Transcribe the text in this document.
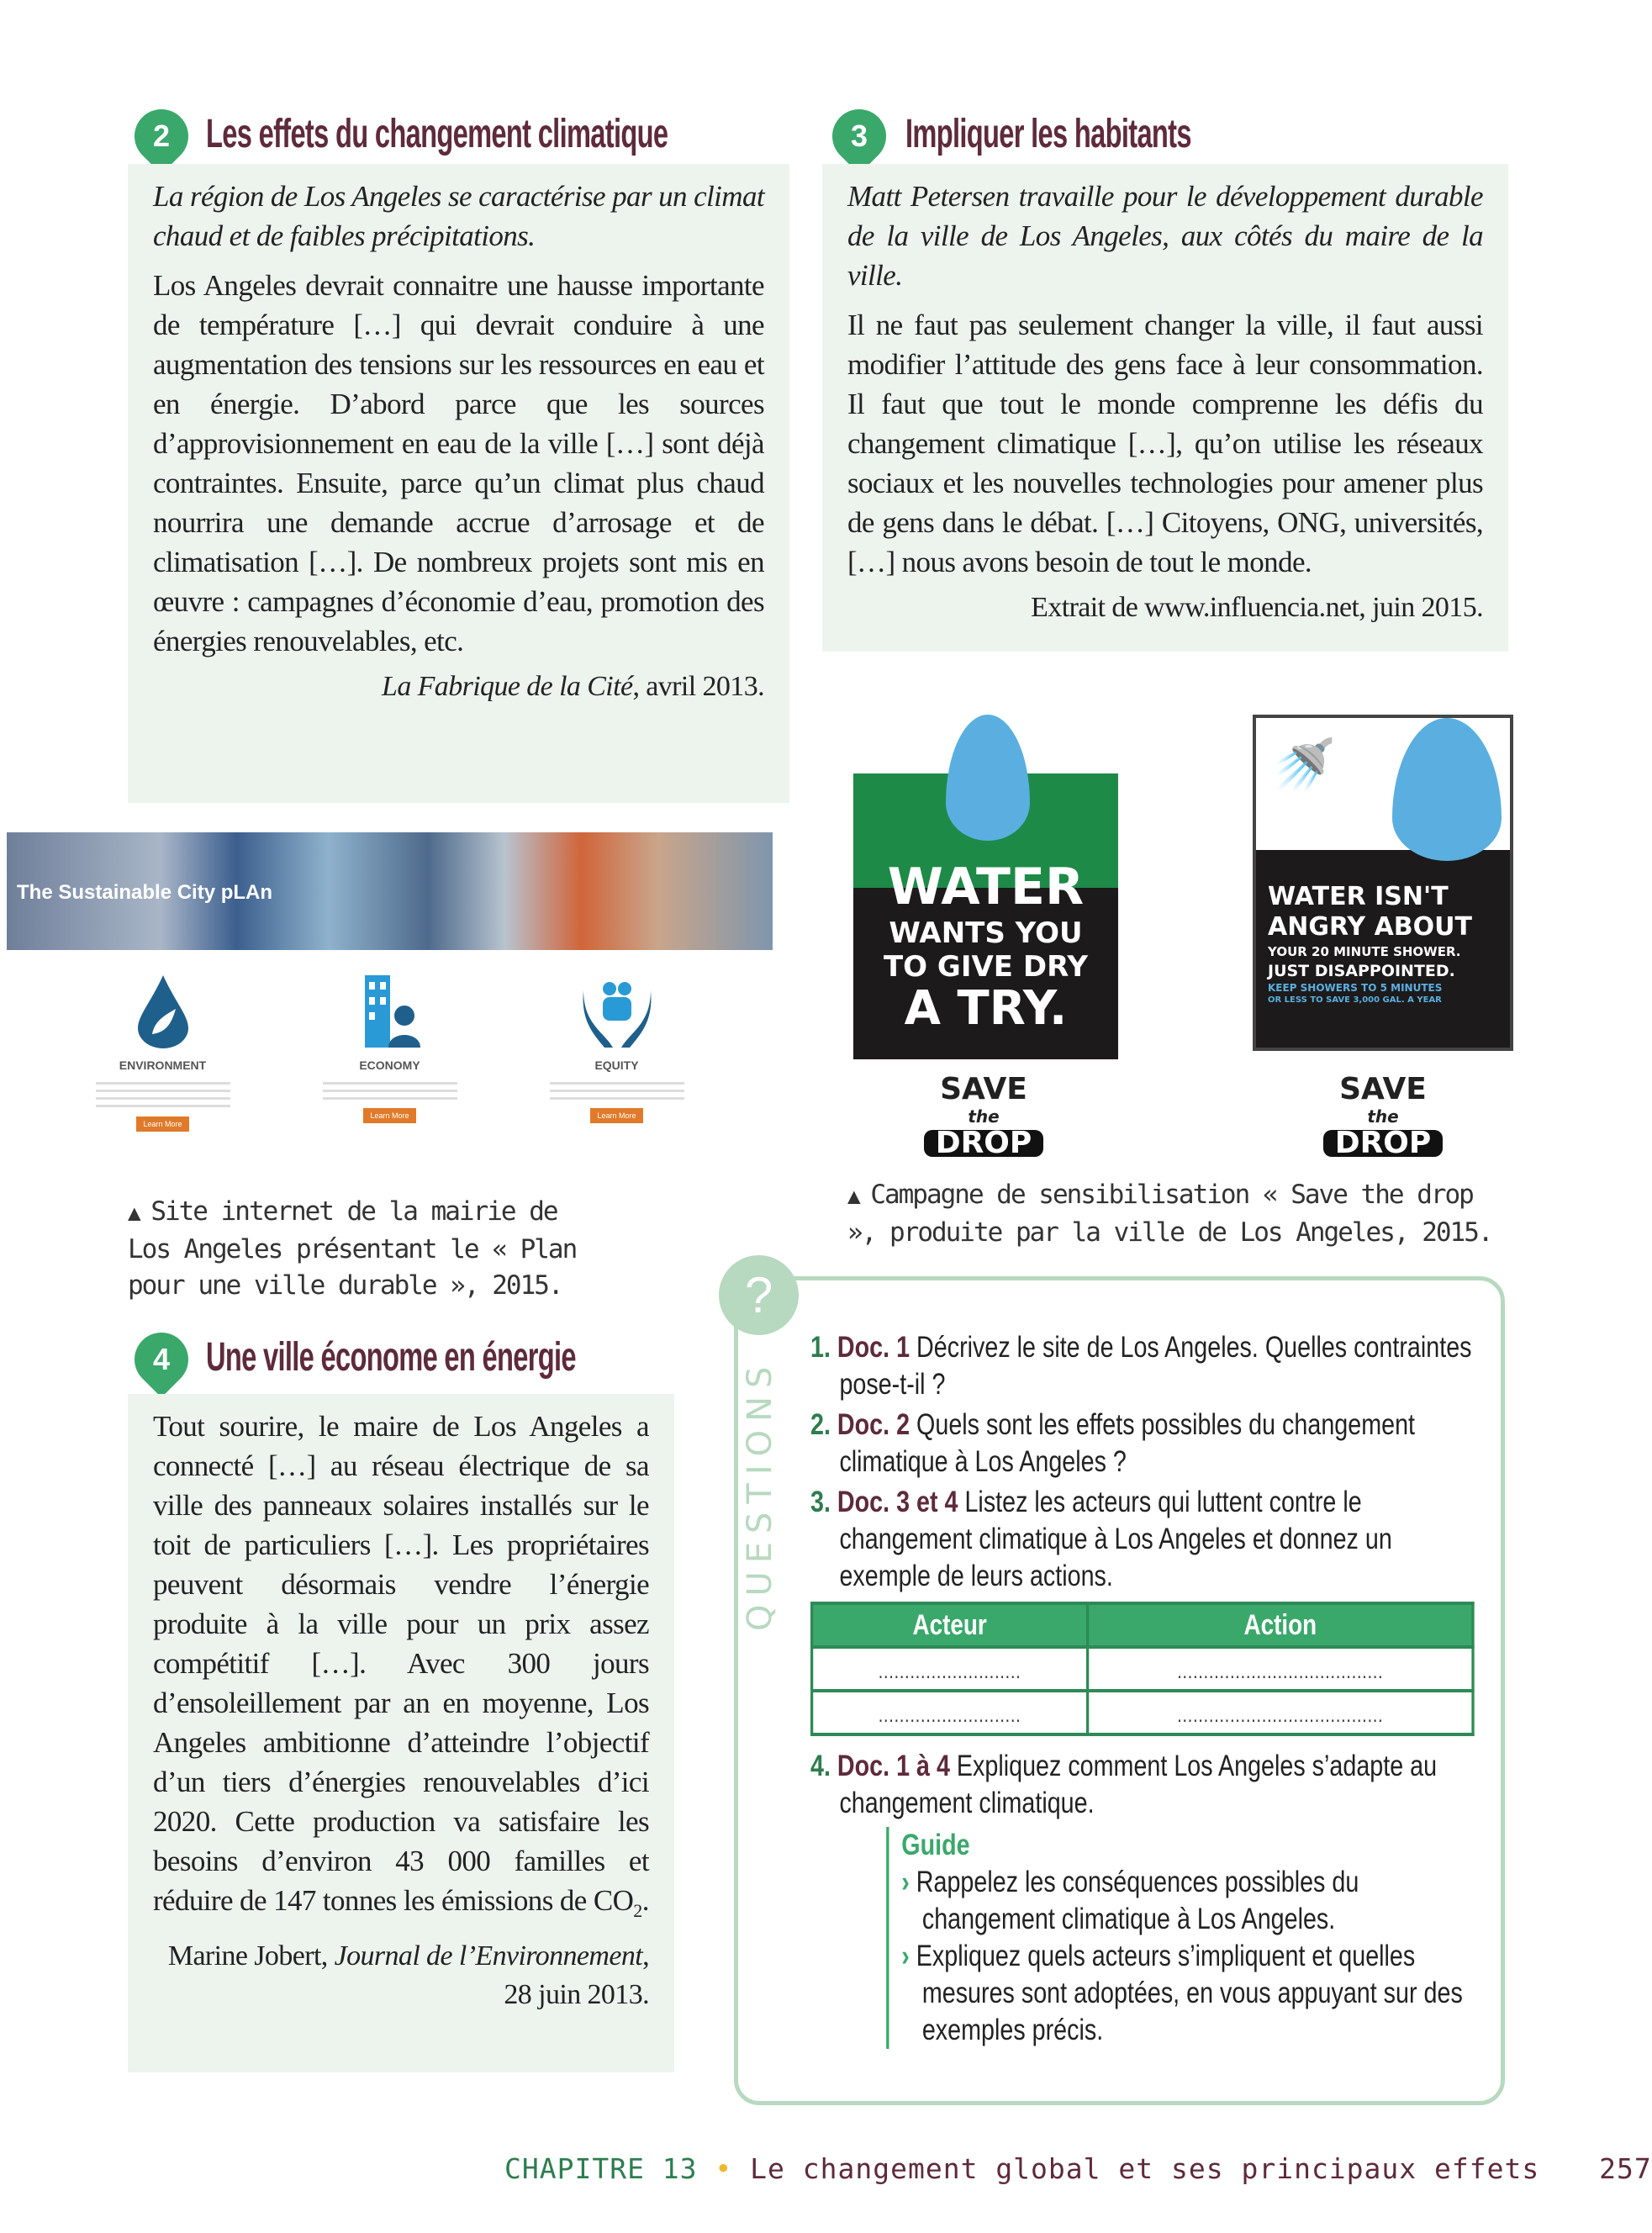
2 Les effets du changement climatique

La région de Los Angeles se caractérise par un climat chaud et de faibles précipitations.

Los Angeles devrait connaitre une hausse importante de température […] qui devrait conduire à une augmentation des tensions sur les ressources en eau et en énergie. D’abord parce que les sources d’approvisionnement en eau de la ville […] sont déjà contraintes. Ensuite, parce qu’un climat plus chaud nourrira une demande accrue d’arrosage et de climatisation […]. De nombreux projets sont mis en œuvre : campagnes d’économie d’eau, promotion des énergies renouvelables, etc.

La Fabrique de la Cité, avril 2013.

The Sustainable City pLAn
ENVIRONMENT
Learn More
ECONOMY
Learn More
EQUITY
Learn More
▲ Site internet de la mairie de Los Angeles présentant le « Plan pour une ville durable », 2015.
3 Impliquer les habitants

Matt Petersen travaille pour le développement durable de la ville de Los Angeles, aux côtés du maire de la ville.

Il ne faut pas seulement changer la ville, il faut aussi modifier l’attitude des gens face à leur consommation. Il faut que tout le monde comprenne les défis du changement climatique […], qu’on utilise les réseaux sociaux et les nouvelles technologies pour amener plus de gens dans le débat. […] Citoyens, ONG, universités, […] nous avons besoin de tout le monde.

Extrait de www.influencia.net, juin 2015.

WATER
WANTS YOU
TO GIVE DRY
A TRY.
SAVE
the
DROP
🚿
WATER ISN'T
ANGRY ABOUT
YOUR 20 MINUTE SHOWER.
JUST DISAPPOINTED.
KEEP SHOWERS TO 5 MINUTES
OR LESS TO SAVE 3,000 GAL. A YEAR
SAVE
the
DROP
▲ Campagne de sensibilisation « Save the drop », produite par la ville de Los Angeles, 2015.
4 Une ville économe en énergie

Tout sourire, le maire de Los Angeles a connecté […] au réseau électrique de sa ville des panneaux solaires installés sur le toit de particuliers […]. Les propriétaires peuvent désormais vendre l’énergie produite à la ville pour un prix assez compétitif […]. Avec 300 jours d’ensoleillement par an en moyenne, Los Angeles ambitionne d’atteindre l’objectif d’un tiers d’énergies renouvelables d’ici 2020. Cette production va satisfaire les besoins d’environ 43 000 familles et réduire de 147 tonnes les émissions de $CO_2$.

Marine Jobert, Journal de l’Environnement, 28 juin 2013.

1. Doc. 1 Décrivez le site de Los Angeles. Quelles contraintes pose-t-il ?

2. Doc. 2 Quels sont les effets possibles du changement climatique à Los Angeles ?

3. Doc. 3 et 4 Listez les acteurs qui luttent contre le changement climatique à Los Angeles et donnez un exemple de leurs actions.

Acteur	Action
...........................	.......................................
...........................	.......................................

4. Doc. 1 à 4 Expliquez comment Los Angeles s’adapte au changement climatique.

Guide
› Rappelez les conséquences possibles du changement climatique à Los Angeles.
› Expliquez quels acteurs s’impliquent et quelles mesures sont adoptées, en vous appuyant sur des exemples précis.
?
QUESTIONS
CHAPITRE 13 • Le changement global et ses principaux effets 257
